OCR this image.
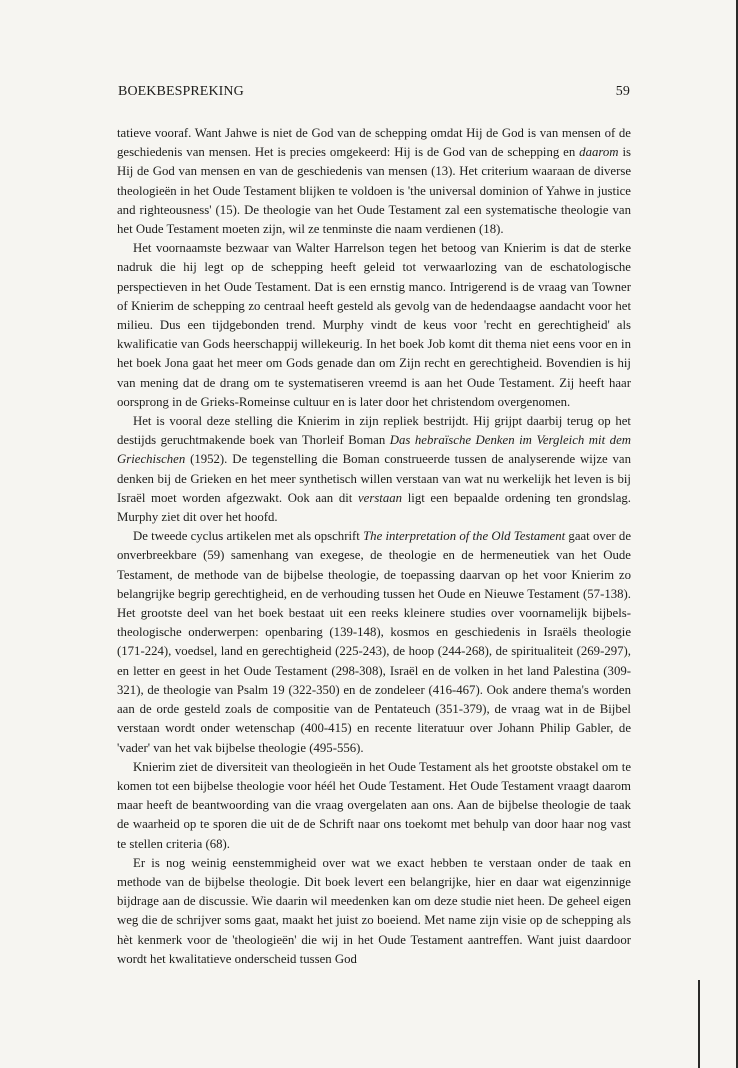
BOEKBESPREKING	59

tatieve vooraf. Want Jahwe is niet de God van de schepping omdat Hij de God is van mensen of de geschiedenis van mensen. Het is precies omgekeerd: Hij is de God van de schepping en daarom is Hij de God van mensen en van de geschiedenis van mensen (13). Het criterium waaraan de diverse theologieën in het Oude Testament blijken te voldoen is 'the universal dominion of Yahwe in justice and righteousness' (15). De theologie van het Oude Testament zal een systematische theologie van het Oude Testament moeten zijn, wil ze tenminste die naam verdienen (18).

Het voornaamste bezwaar van Walter Harrelson tegen het betoog van Knierim is dat de sterke nadruk die hij legt op de schepping heeft geleid tot verwaarlozing van de eschatologische perspectieven in het Oude Testament. Dat is een ernstig manco. Intrigerend is de vraag van Towner of Knierim de schepping zo centraal heeft gesteld als gevolg van de hedendaagse aandacht voor het milieu. Dus een tijdgebonden trend. Murphy vindt de keus voor 'recht en gerechtigheid' als kwalificatie van Gods heerschappij willekeurig. In het boek Job komt dit thema niet eens voor en in het boek Jona gaat het meer om Gods genade dan om Zijn recht en gerechtigheid. Bovendien is hij van mening dat de drang om te systematiseren vreemd is aan het Oude Testament. Zij heeft haar oorsprong in de Grieks-Romeinse cultuur en is later door het christendom overgenomen.

Het is vooral deze stelling die Knierim in zijn repliek bestrijdt. Hij grijpt daarbij terug op het destijds geruchtmakende boek van Thorleif Boman Das hebraïsche Denken im Vergleich mit dem Griechischen (1952). De tegenstelling die Boman construeerde tussen de analyserende wijze van denken bij de Grieken en het meer synthetisch willen verstaan van wat nu werkelijk het leven is bij Israël moet worden afgezwakt. Ook aan dit verstaan ligt een bepaalde ordening ten grondslag. Murphy ziet dit over het hoofd.

De tweede cyclus artikelen met als opschrift The interpretation of the Old Testament gaat over de onverbreekbare (59) samenhang van exegese, de theologie en de hermeneutiek van het Oude Testament, de methode van de bijbelse theologie, de toepassing daarvan op het voor Knierim zo belangrijke begrip gerechtigheid, en de verhouding tussen het Oude en Nieuwe Testament (57-138). Het grootste deel van het boek bestaat uit een reeks kleinere studies over voornamelijk bijbels-theologische onderwerpen: openbaring (139-148), kosmos en geschiedenis in Israëls theologie (171-224), voedsel, land en gerechtigheid (225-243), de hoop (244-268), de spiritualiteit (269-297), en letter en geest in het Oude Testament (298-308), Israël en de volken in het land Palestina (309-321), de theologie van Psalm 19 (322-350) en de zondeleer (416-467). Ook andere thema's worden aan de orde gesteld zoals de compositie van de Pentateuch (351-379), de vraag wat in de Bijbel verstaan wordt onder wetenschap (400-415) en recente literatuur over Johann Philip Gabler, de 'vader' van het vak bijbelse theologie (495-556).

Knierim ziet de diversiteit van theologieën in het Oude Testament als het grootste obstakel om te komen tot een bijbelse theologie voor héél het Oude Testament. Het Oude Testament vraagt daarom maar heeft de beantwoording van die vraag overgelaten aan ons. Aan de bijbelse theologie de taak de waarheid op te sporen die uit de de Schrift naar ons toekomt met behulp van door haar nog vast te stellen criteria (68).

Er is nog weinig eenstemmigheid over wat we exact hebben te verstaan onder de taak en methode van de bijbelse theologie. Dit boek levert een belangrijke, hier en daar wat eigenzinnige bijdrage aan de discussie. Wie daarin wil meedenken kan om deze studie niet heen. De geheel eigen weg die de schrijver soms gaat, maakt het juist zo boeiend. Met name zijn visie op de schepping als hèt kenmerk voor de 'theologieën' die wij in het Oude Testament aantreffen. Want juist daardoor wordt het kwalitatieve onderscheid tussen God
